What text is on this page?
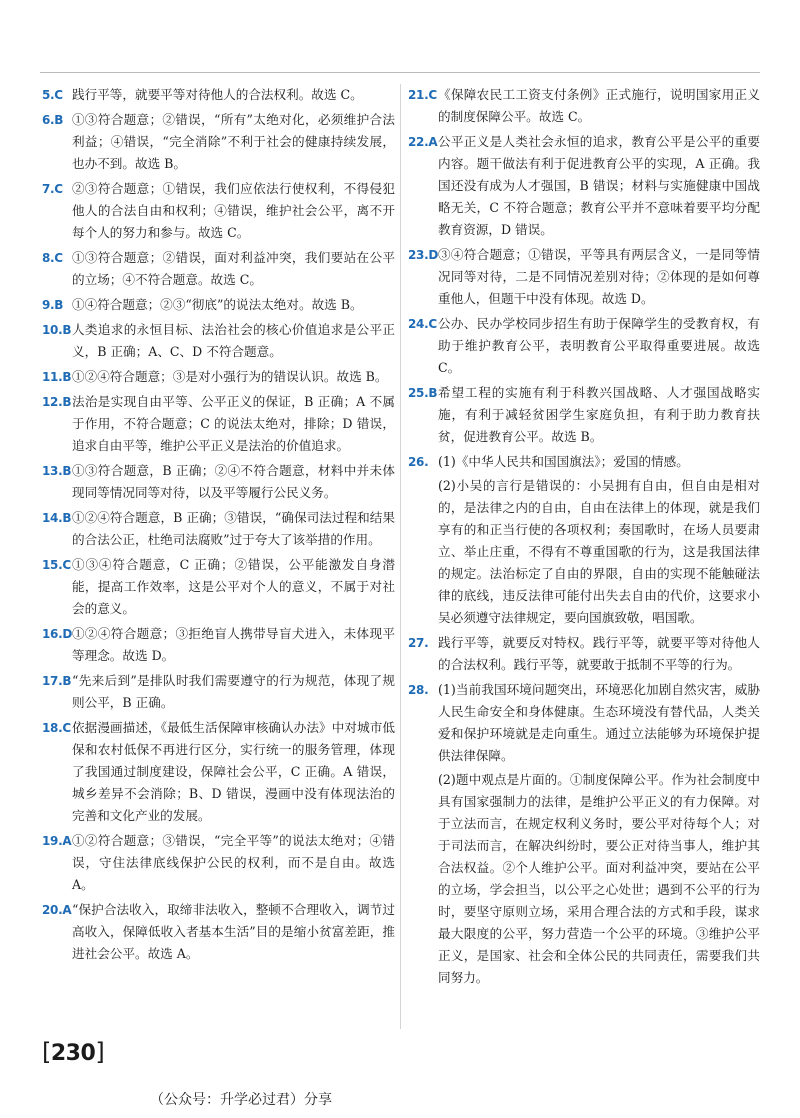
5.C 践行平等，就要平等对待他人的合法权利。故选 C。
6.B ①③符合题意；②错误，“所有”太绝对化，必须维护合法利益；④错误，“完全消除”不利于社会的健康持续发展，也办不到。故选 B。
7.C ②③符合题意；①错误，我们应依法行使权利，不得侵犯他人的合法自由和权利；④错误，维护社会公平，离不开每个人的努力和参与。故选 C。
8.C ①③符合题意；②错误，面对利益冲突，我们要站在公平的立场；④不符合题意。故选 C。
9.B ①④符合题意；②③“彻底”的说法太绝对。故选 B。
10.B 人类追求的永恒目标、法治社会的核心价值追求是公平正义，B 正确；A、C、D 不符合题意。
11.B ①②④符合题意；③是对小强行为的错误认识。故选 B。
12.B 法治是实现自由平等、公平正义的保证，B 正确；A 不属于作用，不符合题意；C 的说法太绝对，排除；D 错误，追求自由平等，维护公平正义是法治的价值追求。
13.B ①③符合题意，B 正确；②④不符合题意，材料中并未体现同等情况同等对待，以及平等履行公民义务。
14.B ①②④符合题意，B 正确；③错误，“确保司法过程和结果的合法公正，杜绝司法腐败”过于夸大了该举措的作用。
15.C ①③④符合题意，C 正确；②错误，公平能激发自身潜能，提高工作效率，这是公平对个人的意义，不属于对社会的意义。
16.D ①②④符合题意；③拒绝盲人携带导盲犬进入，未体现平等理念。故选 D。
17.B “先来后到”是排队时我们需要遵守的行为规范，体现了规则公平，B 正确。
18.C 依据漫画描述，《最低生活保障审核确认办法》中对城市低保和农村低保不再进行区分，实行统一的服务管理，体现了我国通过制度建设，保障社会公平，C 正确。A 错误，城乡差异不会消除；B、D 错误，漫画中没有体现法治的完善和文化产业的发展。
19.A ①②符合题意；③错误，“完全平等”的说法太绝对；④错误，守住法律底线保护公民的权利，而不是自由。故选 A。
20.A “保护合法收入，取缔非法收入，整顿不合理收入，调节过高收入，保障低收入者基本生活”目的是缩小贫富差距，推进社会公平。故选 A。
21.C 《保障农民工工资支付条例》正式施行，说明国家用正义的制度保障公平。故选 C。
22.A 公平正义是人类社会永恒的追求，教育公平是公平的重要内容。题干做法有利于促进教育公平的实现，A 正确。我国还没有成为人才强国，B 错误；材料与实施健康中国战略无关，C 不符合题意；教育公平并不意味着要平均分配教育资源，D 错误。
23.D ③④符合题意；①错误，平等具有两层含义，一是同等情况同等对待，二是不同情况差别对待；②体现的是如何尊重他人，但题干中没有体现。故选 D。
24.C 公办、民办学校同步招生有助于保障学生的受教育权，有助于维护教育公平，表明教育公平取得重要进展。故选 C。
25.B 希望工程的实施有利于科教兴国战略、人才强国战略实施，有利于减轻贫困学生家庭负担，有利于助力教育扶贫，促进教育公平。故选 B。
26. (1)《中华人民共和国国旗法》；爱国的情感。
(2)小吴的言行是错误的：小吴拥有自由，但自由是相对的，是法律之内的自由，自由在法律上的体现，就是我们享有的和正当行使的各项权利；奏国歌时，在场人员要肃立、举止庄重，不得有不尊重国歌的行为，这是我国法律的规定。法治标定了自由的界限，自由的实现不能触碰法律的底线，违反法律可能付出失去自由的代价，这要求小吴必须遵守法律规定，要向国旗致敬，唱国歌。
27. 践行平等，就要反对特权。践行平等，就要平等对待他人的合法权利。践行平等，就要敢于抵制不平等的行为。
28. (1)当前我国环境问题突出，环境恶化加剧自然灾害，威胁人民生命安全和身体健康。生态环境没有替代品，人类关爱和保护环境就是走向重生。通过立法能够为环境保护提供法律保障。
(2)题中观点是片面的。①制度保障公平。作为社会制度中具有国家强制力的法律，是维护公平正义的有力保障。对于立法而言，在规定权利义务时，要公平对待每个人；对于司法而言，在解决纠纷时，要公正对待当事人，维护其合法权益。②个人维护公平。面对利益冲突，要站在公平的立场，学会担当，以公平之心处世；遇到不公平的行为时，要坚守原则立场，采用合理合法的方式和手段，谋求最大限度的公平，努力营造一个公平的环境。③维护公平正义，是国家、社会和全体公民的共同责任，需要我们共同努力。
[230]
（公众号：升学必过君）分享
